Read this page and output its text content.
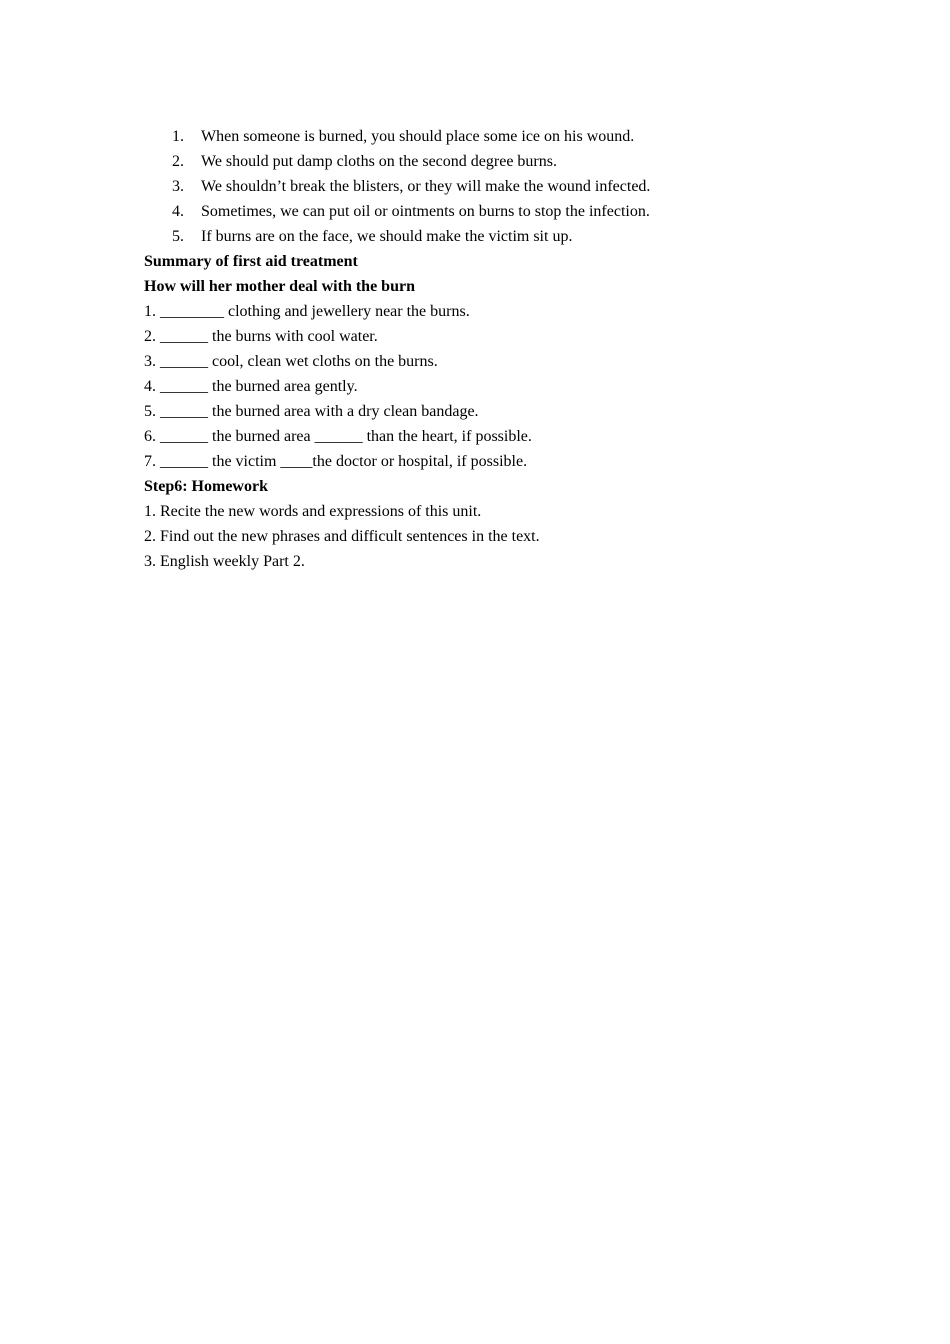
1.	When someone is burned, you should place some ice on his wound.
2.	We should put damp cloths on the second degree burns.
3.	We shouldn’t break the blisters, or they will make the wound infected.
4.	Sometimes, we can put oil or ointments on burns to stop the infection.
5.	If burns are on the face, we should make the victim sit up.
Summary of first aid treatment
How will her mother deal with the burn
1. ________ clothing and jewellery near the burns.
2. ______ the burns with cool water.
3. ______ cool, clean wet cloths on the burns.
4. ______ the burned area gently.
5. ______ the burned area with a dry clean bandage.
6. ______ the burned area ______ than the heart, if possible.
7. ______ the victim ____the doctor or hospital, if possible.
Step6: Homework
1. Recite the new words and expressions of this unit.
2. Find out the new phrases and difficult sentences in the text.
3. English weekly Part 2.
